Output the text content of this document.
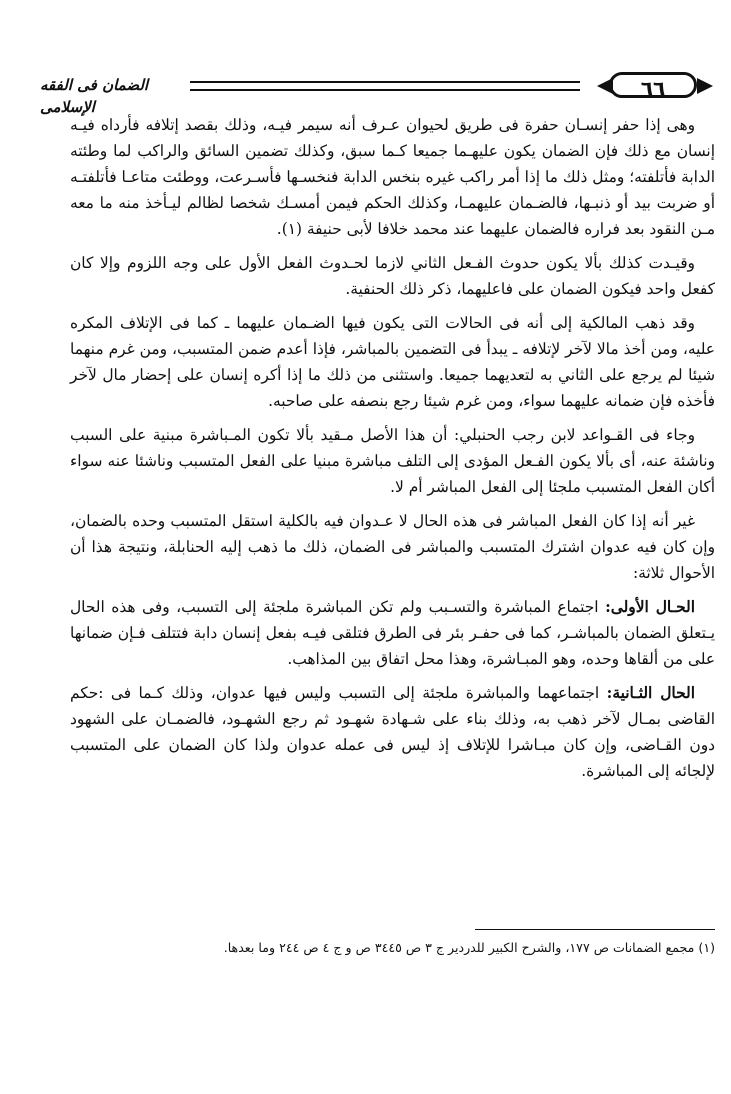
٦٦
الضمان فى الفقه الإسلامى

وهى إذا حفر إنسـان حفرة فى طريق لحيوان عـرف أنه سيمر فيـه، وذلك بقصد إتلافه فأرداه فيـه إنسان مع ذلك فإن الضمان يكون عليهـما جميعا كـما سبق، وكذلك تضمين السائق والراكب لما وطئته الدابة فأتلفته؛ ومثل ذلك ما إذا أمر راكب غيره بنخس الدابة فنخسـها فأسـرعت، ووطئت متاعـا فأتلفتـه أو ضربت بيد أو ذنبـها، فالضـمان عليهمـا، وكذلك الحكم فيمن أمسـك شخصا لظالم ليـأخذ منه ما معه مـن النقود بعد فراره فالضمان عليهما عند محمد خلافا لأبى حنيفة (١).

وقيـدت كذلك بألا يكون حدوث الفـعل الثاني لازما لحـدوث الفعل الأول على وجه اللزوم وإلا كان كفعل واحد فيكون الضمان على فاعليهما، ذكر ذلك الحنفية.

وقد ذهب المالكية إلى أنه فى الحالات التى يكون فيها الضـمان عليهما ـ كما فى الإتلاف المكره عليه، ومن أخذ مالا لآخر لإتلافه ـ يبدأ فى التضمين بالمباشر، فإذا أعدم ضمن المتسبب، ومن غرم منهما شيئا لم يرجع على الثاني به لتعديهما جميعا. واستثنى من ذلك ما إذا أكره إنسان على إحضار مال لآخر فأخذه فإن ضمانه عليهما سواء، ومن غرم شيئا رجع بنصفه على صاحبه.

وجاء فى القـواعد لابن رجب الحنبلي: أن هذا الأصل مـقيد بألا تكون المـباشرة مبنية على السبب وناشئة عنه، أى بألا يكون الفـعل المؤدى إلى التلف مباشرة مبنيا على الفعل المتسبب وناشئا عنه سواء أكان الفعل المتسبب ملجئا إلى الفعل المباشر أم لا.

غير أنه إذا كان الفعل المباشر فى هذه الحال لا عـدوان فيه بالكلية استقل المتسبب وحده بالضمان، وإن كان فيه عدوان اشترك المتسبب والمباشر فى الضمان، ذلك ما ذهب إليه الحنابلة، ونتيجة هذا أن الأحوال ثلاثة:

الحـال الأولى: اجتماع المباشرة والتسـبب ولم تكن المباشرة ملجئة إلى التسبب، وفى هذه الحال يـتعلق الضمان بالمباشـر، كما فى حفـر بئر فى الطرق فتلقى فيـه بفعل إنسان دابة فتتلف فـإن ضمانها على من ألقاها وحده، وهو المبـاشرة، وهذا محل اتفاق بين المذاهب.

الحال الثـانية: اجتماعهما والمباشرة ملجئة إلى التسبب وليس فيها عدوان، وذلك كـما فى :حكم القاضى بمـال لآخر ذهب به، وذلك بناء على شـهادة شهـود ثم رجع الشهـود، فالضمـان على الشهود دون القـاضى، وإن كان مبـاشرا للإتلاف إذ ليس فى عمله عدوان ولذا كان الضمان على المتسبب لإلجائه إلى المباشرة.

(١) مجمع الضمانات ص ١٧٧، والشرح الكبير للدردير ج ٣ ص ٣٤٤٥ ص و ج ٤ ص ٢٤٤ وما بعدها.
